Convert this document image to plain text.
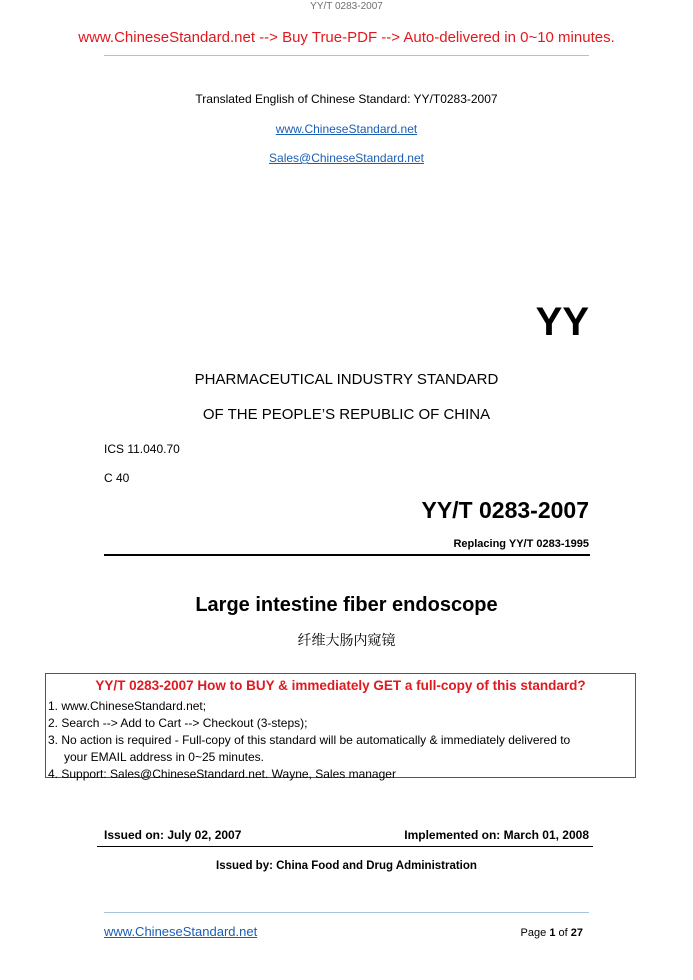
www.ChineseStandard.net --> Buy True-PDF --> Auto-delivered in 0~10 minutes.
YY/T 0283-2007
Translated English of Chinese Standard: YY/T0283-2007
www.ChineseStandard.net
Sales@ChineseStandard.net
YY
PHARMACEUTICAL INDUSTRY STANDARD
OF THE PEOPLE’S REPUBLIC OF CHINA
ICS 11.040.70
C 40
YY/T 0283-2007
Replacing YY/T 0283-1995
Large intestine fiber endoscope
纤维大肠内窥镜
YY/T 0283-2007 How to BUY & immediately GET a full-copy of this standard?
1. www.ChineseStandard.net;
2. Search --> Add to Cart --> Checkout (3-steps);
3. No action is required - Full-copy of this standard will be automatically & immediately delivered to
your EMAIL address in 0~25 minutes.
4. Support: Sales@ChineseStandard.net. Wayne, Sales manager
Issued on: July 02, 2007	Implemented on: March 01, 2008
Issued by: China Food and Drug Administration
www.ChineseStandard.net	Page 1 of 27
